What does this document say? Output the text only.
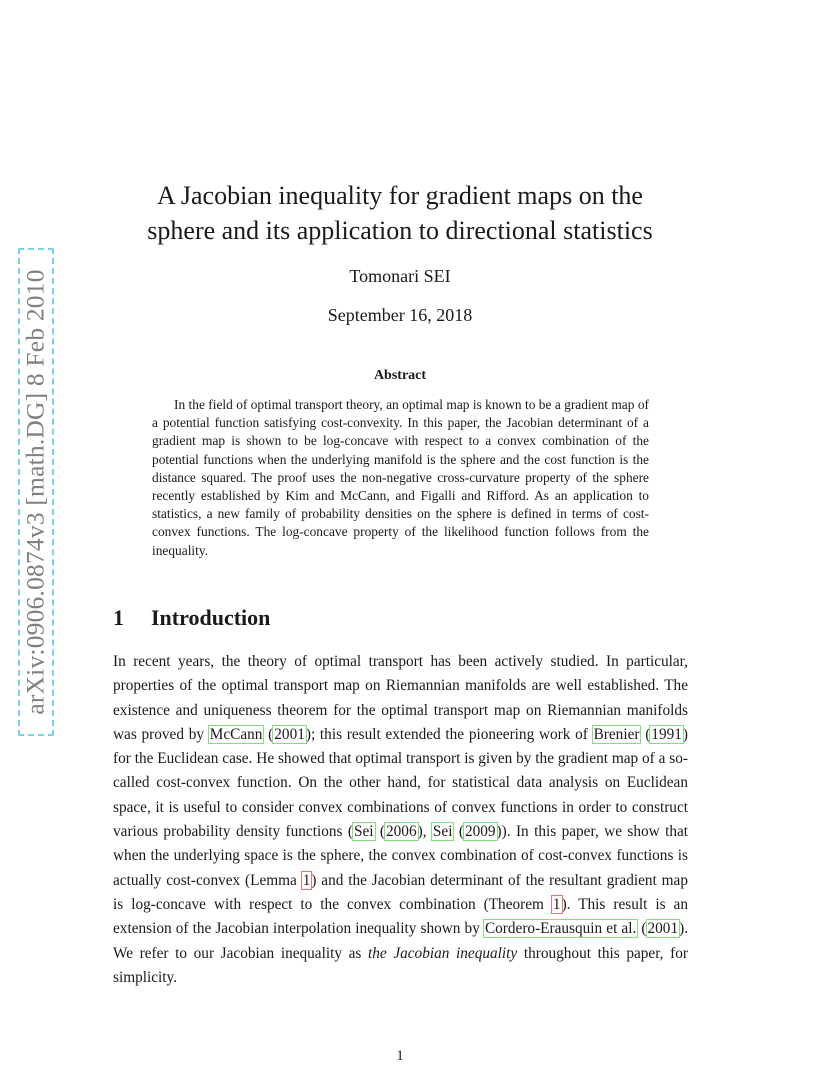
arXiv:0906.0874v3 [math.DG] 8 Feb 2010
A Jacobian inequality for gradient maps on the
sphere and its application to directional statistics
Tomonari SEI
September 16, 2018
Abstract

In the field of optimal transport theory, an optimal map is known to be a gradient map of a potential function satisfying cost-convexity. In this paper, the Jacobian determinant of a gradient map is shown to be log-concave with respect to a convex combination of the potential functions when the underlying manifold is the sphere and the cost function is the distance squared. The proof uses the non-negative cross-curvature property of the sphere recently established by Kim and McCann, and Figalli and Rifford. As an application to statistics, a new family of probability densities on the sphere is defined in terms of cost-convex functions. The log-concave property of the likelihood function follows from the inequality.

1 Introduction

In recent years, the theory of optimal transport has been actively studied. In particular, properties of the optimal transport map on Riemannian manifolds are well established. The existence and uniqueness theorem for the optimal transport map on Riemannian manifolds was proved by McCann (2001); this result extended the pioneering work of Brenier (1991) for the Euclidean case. He showed that optimal transport is given by the gradient map of a so-called cost-convex function. On the other hand, for statistical data analysis on Euclidean space, it is useful to consider convex combinations of convex functions in order to construct various probability density functions (Sei (2006), Sei (2009)). In this paper, we show that when the underlying space is the sphere, the convex combination of cost-convex functions is actually cost-convex (Lemma 1) and the Jacobian determinant of the resultant gradient map is log-concave with respect to the convex combination (Theorem 1). This result is an extension of the Jacobian interpolation inequality shown by Cordero-Erausquin et al. (2001). We refer to our Jacobian inequality as the Jacobian inequality throughout this paper, for simplicity.

1
